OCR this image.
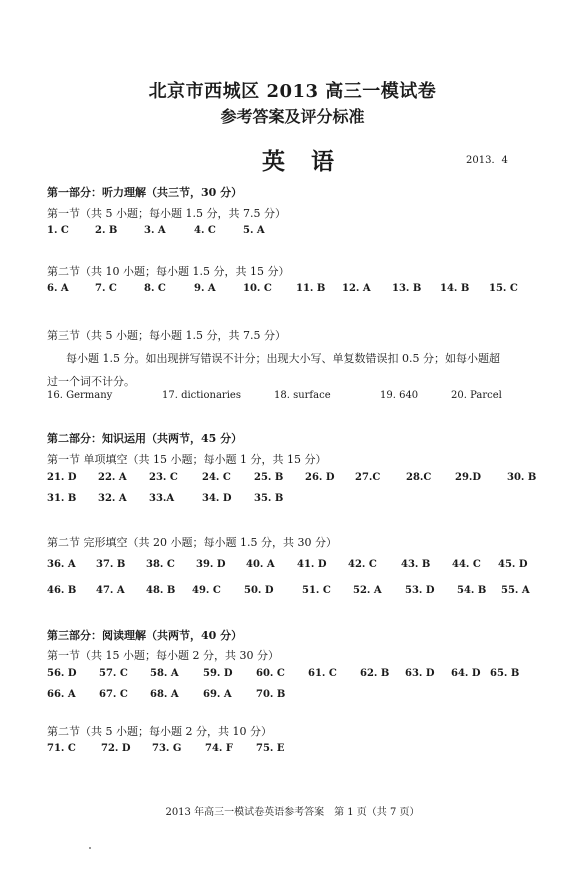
北京市西城区 2013 高三一模试卷
参考答案及评分标准
英语	2013．4
第一部分：听力理解（共三节，30 分）
第一节（共 5 小题；每小题 1.5 分，共 7.5 分）
1. C	2. B	3. A	4. C	5. A
第二节（共 10 小题；每小题 1.5 分，共 15 分）
6. A	7. C	8. C	9. A	10. C 11. B 12. A 13. B 14. B 15. C
第三节（共 5 小题；每小题 1.5 分，共 7.5 分）
每小题 1.5 分。如出现拼写错误不计分；出现大小写、单复数错误扣 0.5 分；如每小题超
过一个词不计分。
16. Germany	17. dictionaries	18. surface	19. 640	20. Parcel
第二部分：知识运用（共两节，45 分）
第一节 单项填空（共 15 小题；每小题 1 分，共 15 分）
21. D 22. A 23. C 24. C 25. B 26. D 27.C	28.C 29.D	30. B
31. B 32. A 33.A	34. D 35. B
第二节 完形填空（共 20 小题；每小题 1.5 分，共 30 分）
36. A 37. B 38. C 39. D 40. A 41. D 42. C 43. B 44. C 45. D
46. B 47. A 48. B 49. C 50. D	51. C 52. A 53. D 54. B 55. A
第三部分：阅读理解（共两节，40 分）
第一节（共 15 小题；每小题 2 分，共 30 分）
56. D 57. C 58. A 59. D 60. C 61. C 62. B 63. D 64. D 65. B
66. A 67. C 68. A 69. A 70. B
第二节（共 5 小题；每小题 2 分，共 10 分）
71. C	72. D 73. G 74. F 75. E
2013 年高三一模试卷英语参考答案　第 1 页（共 7 页）
